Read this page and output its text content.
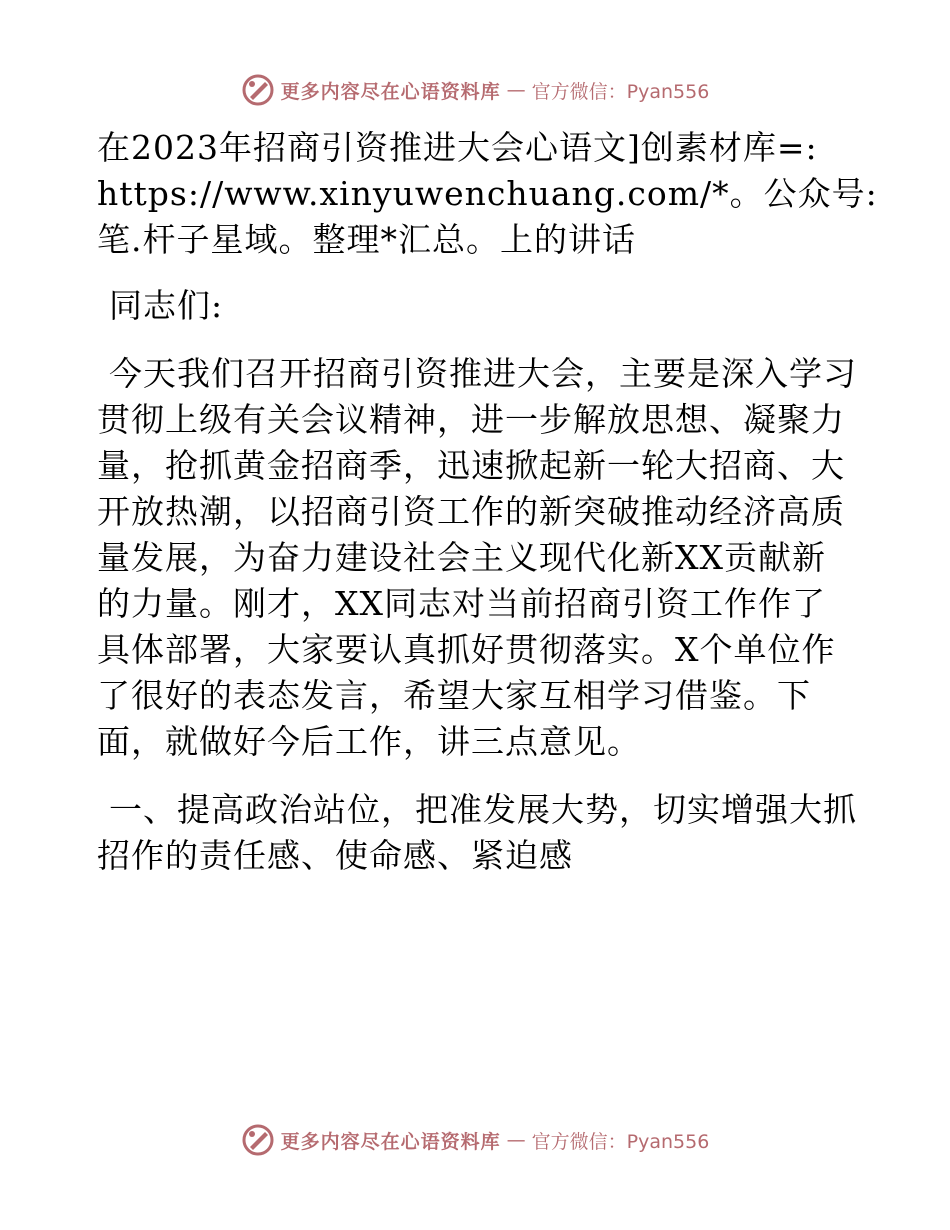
更多内容尽在心语资料库 — 官方微信：Pyan556

在2023年招商引资推进大会心语文]创素材库=:
https://www.xinyuwenchuang.com/*。公众号:
笔.杆子星域。整理*汇总。上的讲话

同志们:

今天我们召开招商引资推进大会，主要是深入学习贯彻上级有关会议精神，进一步解放思想、凝聚力量，抢抓黄金招商季，迅速掀起新一轮大招商、大开放热潮，以招商引资工作的新突破推动经济高质量发展，为奋力建设社会主义现代化新XX贡献新的力量。刚才，XX同志对当前招商引资工作作了具体部署，大家要认真抓好贯彻落实。X个单位作了很好的表态发言，希望大家互相学习借鉴。下面，就做好今后工作，讲三点意见。

一、提高政治站位，把准发展大势，切实增强大抓招作的责任感、使命感、紧迫感

更多内容尽在心语资料库 — 官方微信：Pyan556
